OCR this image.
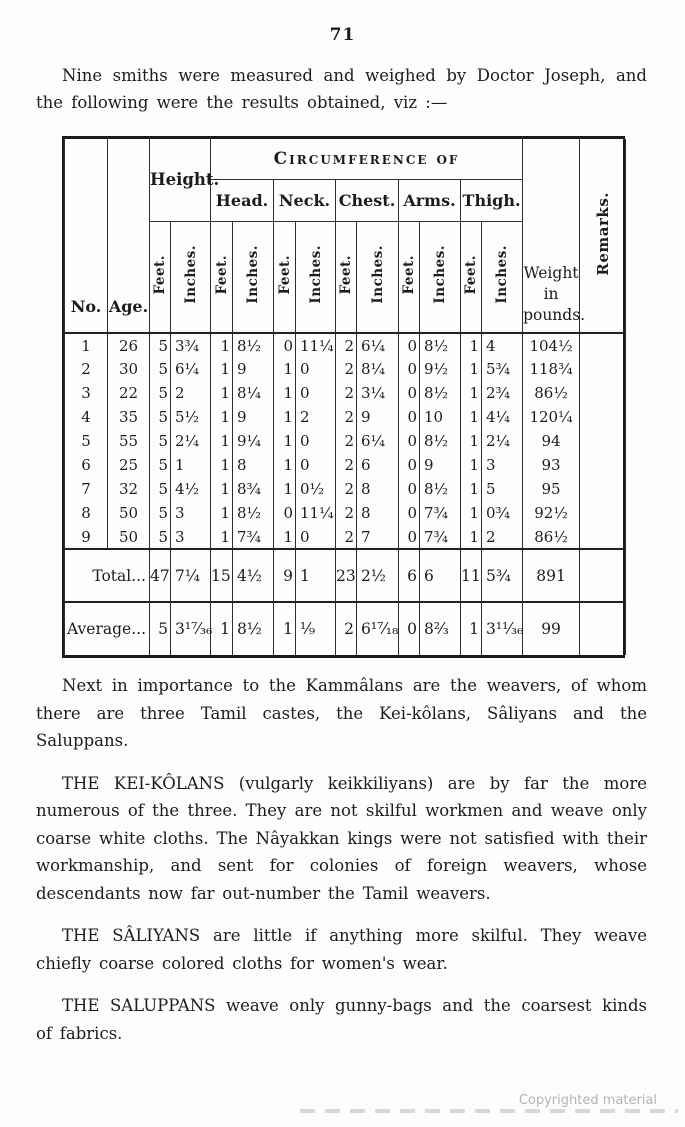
71

Nine smiths were measured and weighed by Doctor Joseph, and the following were the results obtained, viz :—

No.	Age.	Height.		Circumference of										Weight
in
pounds.	Remarks.
				Head.		Neck.		Chest.		Arms.		Thigh.			
		Feet.	Inches.	Feet.	Inches.	Feet.	Inches.	Feet.	Inches.	Feet.	Inches.	Feet.	Inches.		
1	26	5	3¾	1	8½	0	11¼	2	6¼	0	8½	1	4	104½	
2	30	5	6¼	1	9	1	0	2	8¼	0	9½	1	5¾	118¾	
3	22	5	2	1	8¼	1	0	2	3¼	0	8½	1	2¾	86½	
4	35	5	5½	1	9	1	2	2	9	0	10	1	4¼	120¼	
5	55	5	2¼	1	9¼	1	0	2	6¼	0	8½	1	2¼	94	
6	25	5	1	1	8	1	0	2	6	0	9	1	3	93	
7	32	5	4½	1	8¾	1	0½	2	8	0	8½	1	5	95	
8	50	5	3	1	8½	0	11¼	2	8	0	7¾	1	0¾	92½	
9	50	5	3	1	7¾	1	0	2	7	0	7¾	1	2	86½	
Total...		47	7¼	15	4½	9	1	23	2½	6	6	11	5¾	891	
Average...		5	3¹⁷⁄₃₆	1	8½	1	¹⁄₉	2	6¹⁷⁄₁₈	0	8²⁄₃	1	3¹¹⁄₃₆	99	

Next in importance to the Kammâlans are the weavers, of whom there are three Tamil castes, the Kei-kôlans, Sâliyans and the Saluppans.

THE KEI-KÔLANS (vulgarly keikkiliyans) are by far the more numerous of the three. They are not skilful workmen and weave only coarse white cloths. The Nâyakkan kings were not satisfied with their workmanship, and sent for colonies of foreign weavers, whose descendants now far out-number the Tamil weavers.

THE SÂLIYANS are little if anything more skilful. They weave chiefly coarse colored cloths for women's wear.

THE SALUPPANS weave only gunny-bags and the coarsest kinds of fabrics.

Copyrighted material
